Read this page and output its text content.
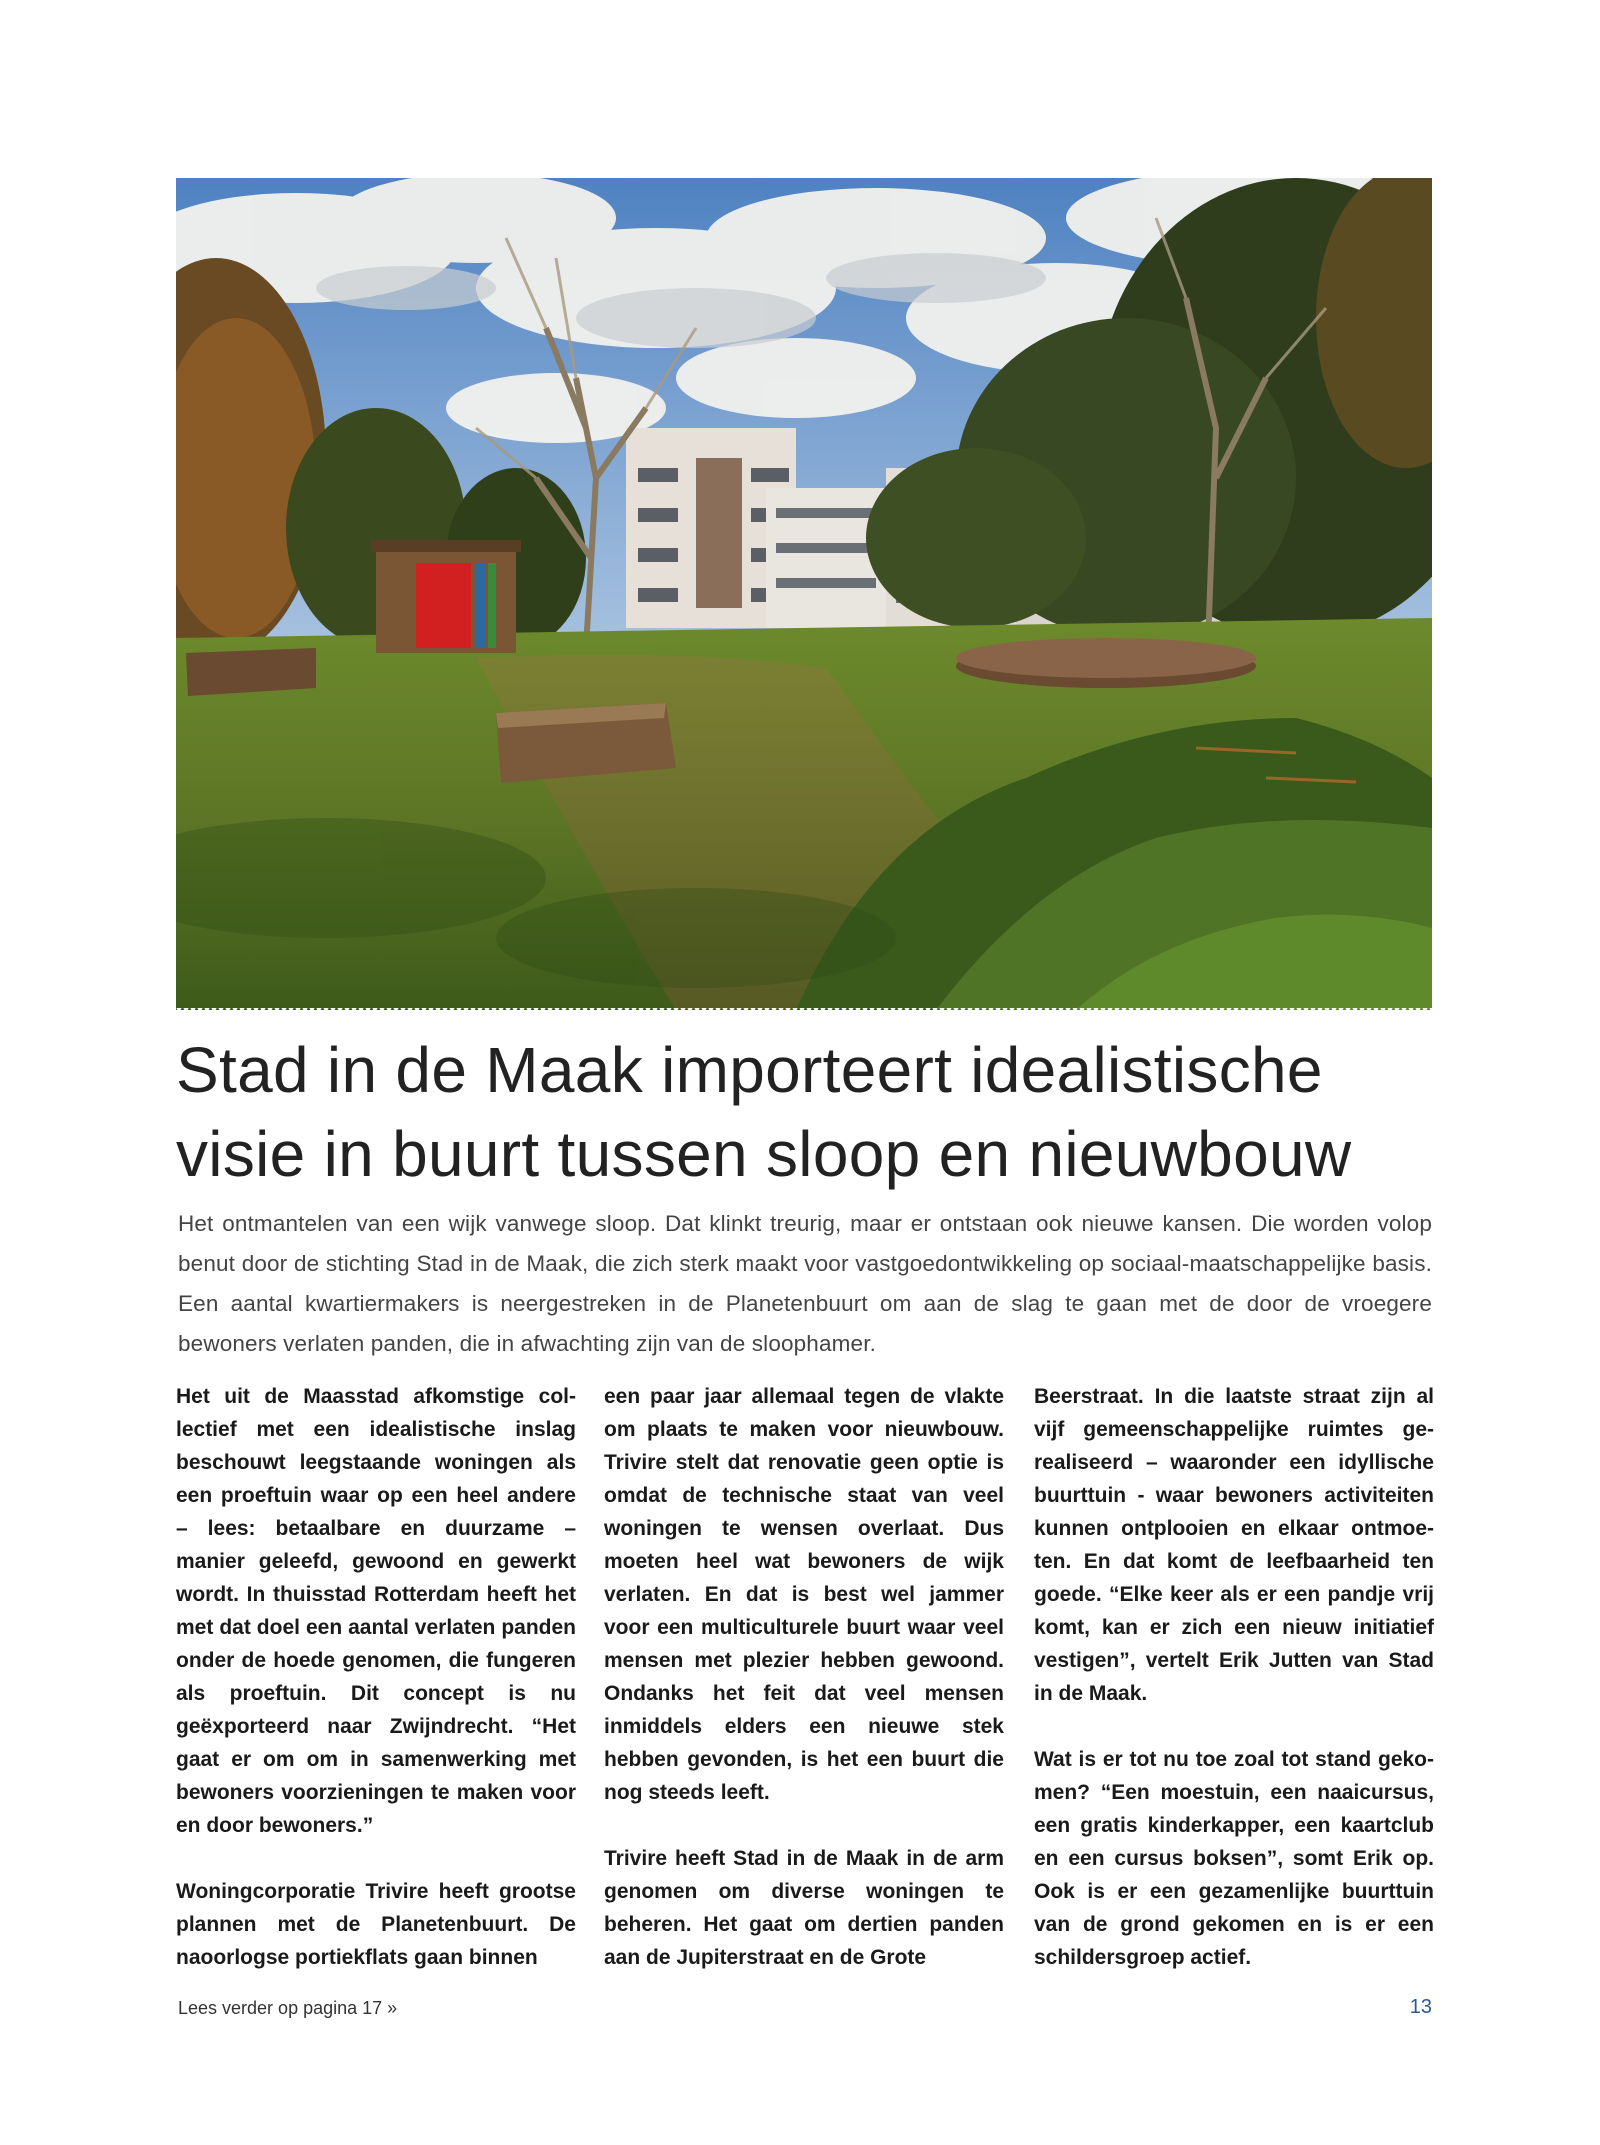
Stad in de Maak importeert idealistische
visie in buurt tussen sloop en nieuwbouw

Het ontmantelen van een wijk vanwege sloop. Dat klinkt treurig, maar er ontstaan ook nieuwe kansen. Die worden volop benut door de stichting Stad in de Maak, die zich sterk maakt voor vastgoedontwikkeling op sociaal-maatschappelijke basis. Een aantal kwartiermakers is neergestreken in de Planetenbuurt om aan de slag te gaan met de door de vroegere bewoners verlaten panden, die in afwachting zijn van de sloophamer.

Het uit de Maasstad afkomstige collectief met een idealistische inslag beschouwt leegstaande woningen als een proeftuin waar op een heel andere – lees: betaalbare en duurzame – manier geleefd, gewoond en gewerkt wordt. In thuisstad Rotterdam heeft het met dat doel een aantal verlaten panden onder de hoede genomen, die fungeren als proeftuin. Dit concept is nu geëxporteerd naar Zwijndrecht. “Het gaat er om om in samenwerking met bewoners voorzieningen te maken voor en door bewoners.”

Woningcorporatie Trivire heeft grootse plannen met de Planetenbuurt. De naoorlogse portiekflats gaan binnen

een paar jaar allemaal tegen de vlakte om plaats te maken voor nieuwbouw. Trivire stelt dat renovatie geen optie is omdat de technische staat van veel woningen te wensen overlaat. Dus moeten heel wat bewoners de wijk verlaten. En dat is best wel jammer voor een multiculturele buurt waar veel mensen met plezier hebben gewoond. Ondanks het feit dat veel mensen inmiddels elders een nieuwe stek hebben gevonden, is het een buurt die nog steeds leeft.

Trivire heeft Stad in de Maak in de arm genomen om diverse woningen te beheren. Het gaat om dertien panden aan de Jupiterstraat en de Grote

Beerstraat. In die laatste straat zijn al vijf gemeenschappelijke ruimtes gerealiseerd – waaronder een idyllische buurttuin - waar bewoners activiteiten kunnen ontplooien en elkaar ontmoeten. En dat komt de leefbaarheid ten goede. “Elke keer als er een pandje vrij komt, kan er zich een nieuw initiatief vestigen”, vertelt Erik Jutten van Stad in de Maak.

Wat is er tot nu toe zoal tot stand gekomen? “Een moestuin, een naaicursus, een gratis kinderkapper, een kaartclub en een cursus boksen”, somt Erik op. Ook is er een gezamenlijke buurttuin van de grond gekomen en is er een schildersgroep actief.

Lees verder op pagina 17 »	13
